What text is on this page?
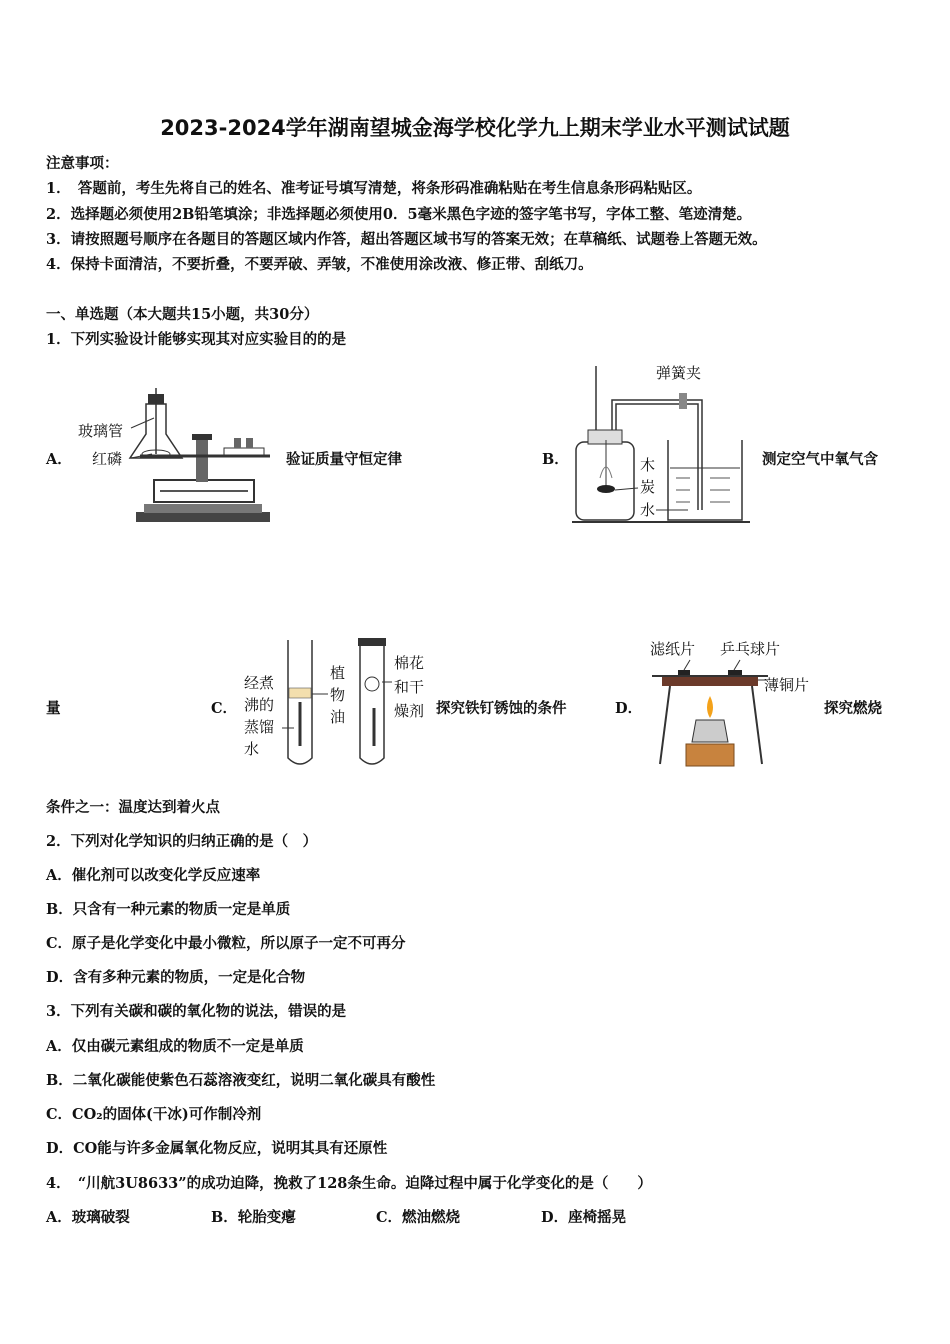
2023-2024学年湖南望城金海学校化学九上期末学业水平测试试题
注意事项：
1．　答题前，考生先将自己的姓名、准考证号填写清楚，将条形码准确粘贴在考生信息条形码粘贴区。
2．选择题必须使用2B铅笔填涂；非选择题必须使用0．5毫米黑色字迹的签字笔书写，字体工整、笔迹清楚。
3．请按照题号顺序在各题目的答题区域内作答，超出答题区域书写的答案无效；在草稿纸、试题卷上答题无效。
4．保持卡面清洁，不要折叠，不要弄破、弄皱，不准使用涂改液、修正带、刮纸刀。
一、单选题（本大题共15小题，共30分）
1．下列实验设计能够实现其对应实验目的的是
A．
玻璃管
红磷	验证质量守恒定律	B．
弹簧夹
木
炭
水
测定空气中氧气含
量	C．
经煮
沸的
蒸馏
水
植
物
油
棉花
和干
燥剂 探究铁钉锈蚀的条件	D．
滤纸片 乒乓球片
薄铜片
探究燃烧
条件之一：温度达到着火点
2．下列对化学知识的归纳正确的是（　）
A．催化剂可以改变化学反应速率
B．只含有一种元素的物质一定是单质
C．原子是化学变化中最小微粒，所以原子一定不可再分
D．含有多种元素的物质，一定是化合物
3．下列有关碳和碳的氧化物的说法，错误的是
A．仅由碳元素组成的物质不一定是单质
B．二氧化碳能使紫色石蕊溶液变红，说明二氧化碳具有酸性
C．CO₂的固体(干冰)可作制冷剂
D．CO能与许多金属氧化物反应，说明其具有还原性
4．　“川航3U8633”的成功迫降，挽救了128条生命。迫降过程中属于化学变化的是（　　）
A．玻璃破裂	B．轮胎变瘪	C．燃油燃烧	D．座椅摇晃
